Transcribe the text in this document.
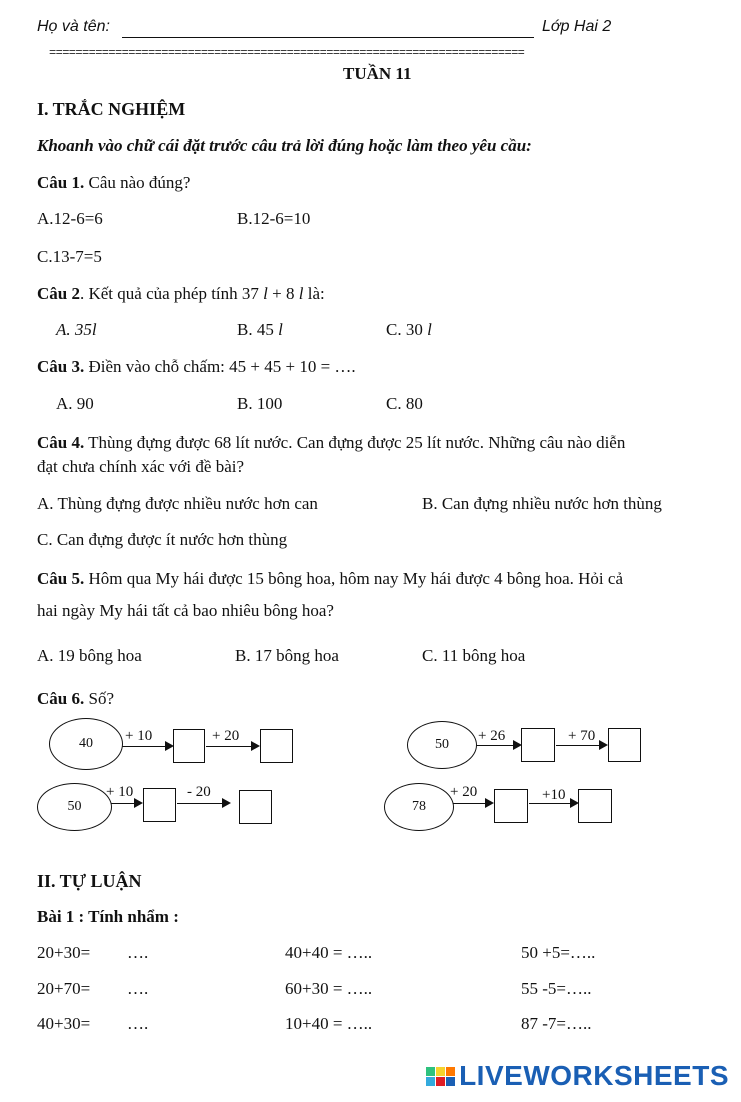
Họ và tên:	Lớp Hai 2
========================================================================
TUẦN 11
I. TRẮC NGHIỆM
Khoanh vào chữ cái đặt trước câu trả lời đúng hoặc làm theo yêu cầu:
Câu 1. Câu nào đúng?
A.12-6=6	B.12-6=10
C.13-7=5
Câu 2. Kết quả của phép tính 37 l + 8 l là:
A. 35l	B. 45 l	C. 30 l
Câu 3. Điền vào chỗ chấm: 45 + 45 + 10 = ….
A. 90	B. 100	C. 80
Câu 4. Thùng đựng được 68 lít nước. Can đựng được 25 lít nước. Những câu nào diễn
đạt chưa chính xác với đề bài?
A. Thùng đựng được nhiều nước hơn can	B. Can đựng nhiều nước hơn thùng
C. Can đựng được ít nước hơn thùng
Câu 5. Hôm qua My hái được 15 bông hoa, hôm nay My hái được 4 bông hoa. Hỏi cả
hai ngày My hái tất cả bao nhiêu bông hoa?
A. 19 bông hoa	B. 17 bông hoa	C. 11 bông hoa
Câu 6. Số?
40	+ 10	+ 20
50
+ 26	+ 70
50
+ 10	- 20
78
+ 20	+10
II. TỰ LUẬN
Bài 1 : Tính nhẩm :
20+30= ….	40+40 = …..	50 +5=…..
20+70= ….	60+30 = …..	55 -5=…..
40+30= ….	10+40 = …..	87 -7=…..
LIVEWORKSHEETS
